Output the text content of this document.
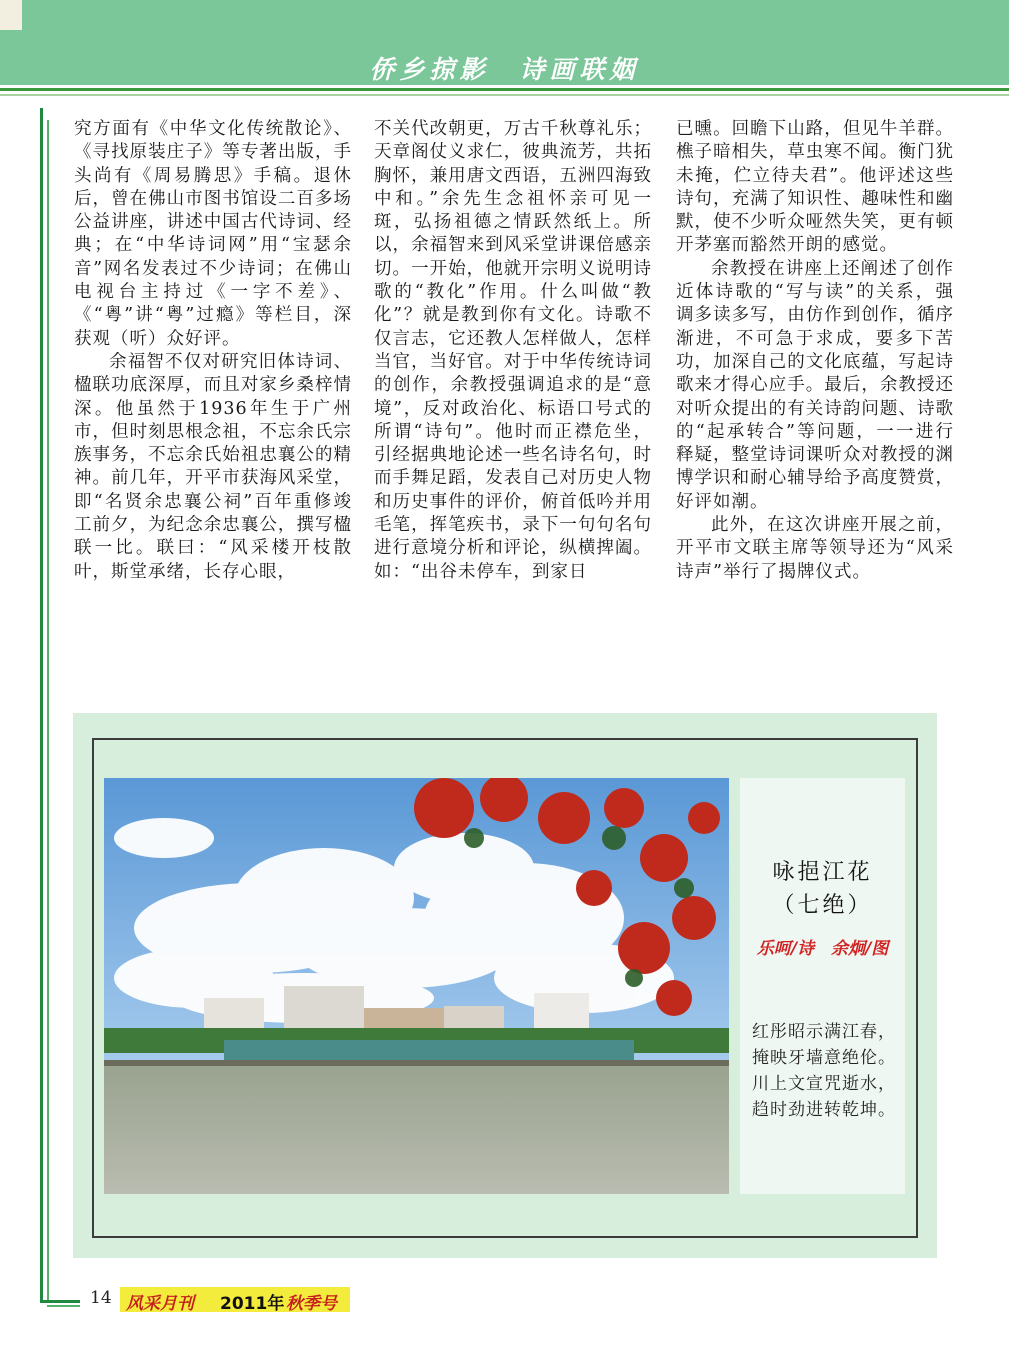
侨乡掠影　诗画联姻

究方面有《中华文化传统散论》、《寻找原装庄子》等专著出版，手头尚有《周易腾思》手稿。退休后，曾在佛山市图书馆设二百多场公益讲座，讲述中国古代诗词、经典；在“中华诗词网”用“宝瑟余音”网名发表过不少诗词；在佛山电视台主持过《一字不差》、《“粤”讲“粤”过瘾》等栏目，深获观（听）众好评。

余福智不仅对研究旧体诗词、楹联功底深厚，而且对家乡桑梓情深。他虽然于1936年生于广州市，但时刻思根念祖，不忘余氏宗族事务，不忘余氏始祖忠襄公的精神。前几年，开平市获海风采堂，即“名贤余忠襄公祠”百年重修竣工前夕，为纪念余忠襄公，撰写楹联一比。联曰：“风采楼开枝散叶，斯堂承绪，长存心眼，

不关代改朝更，万古千秋尊礼乐；天章阁仗义求仁，彼典流芳，共拓胸怀，兼用唐文西语，五洲四海致中和。”余先生念祖怀亲可见一斑，弘扬祖德之情跃然纸上。所以，余福智来到风采堂讲课倍感亲切。一开始，他就开宗明义说明诗歌的“教化”作用。什么叫做“教化”？就是教到你有文化。诗歌不仅言志，它还教人怎样做人，怎样当官，当好官。对于中华传统诗词的创作，余教授强调追求的是“意境”，反对政治化、标语口号式的所谓“诗句”。他时而正襟危坐，引经据典地论述一些名诗名句，时而手舞足蹈，发表自己对历史人物和历史事件的评价，俯首低吟并用毛笔，挥笔疾书，录下一句句名句进行意境分析和评论，纵横捭阖。如：“出谷未停车，到家日

已曛。回瞻下山路，但见牛羊群。樵子暗相失，草虫寒不闻。衡门犹未掩，伫立待夫君”。他评述这些诗句，充满了知识性、趣味性和幽默，使不少听众哑然失笑，更有顿开茅塞而豁然开朗的感觉。

余教授在讲座上还阐述了创作近体诗歌的“写与读”的关系，强调多读多写，由仿作到创作，循序渐进，不可急于求成，要多下苦功，加深自己的文化底蕴，写起诗歌来才得心应手。最后，余教授还对听众提出的有关诗韵问题、诗歌的“起承转合”等问题，一一进行释疑，整堂诗词课听众对教授的渊博学识和耐心辅导给予高度赞赏，好评如潮。

此外，在这次讲座开展之前，开平市文联主席等领导还为“风采诗声”举行了揭牌仪式。

咏挹江花
（七绝）
乐呵/诗　余炯/图
红彤昭示满江春，
掩映牙墙意绝伦。
川上文宣咒逝水，
趋时劲进转乾坤。
14 风采月刊 2011年 秋季号
